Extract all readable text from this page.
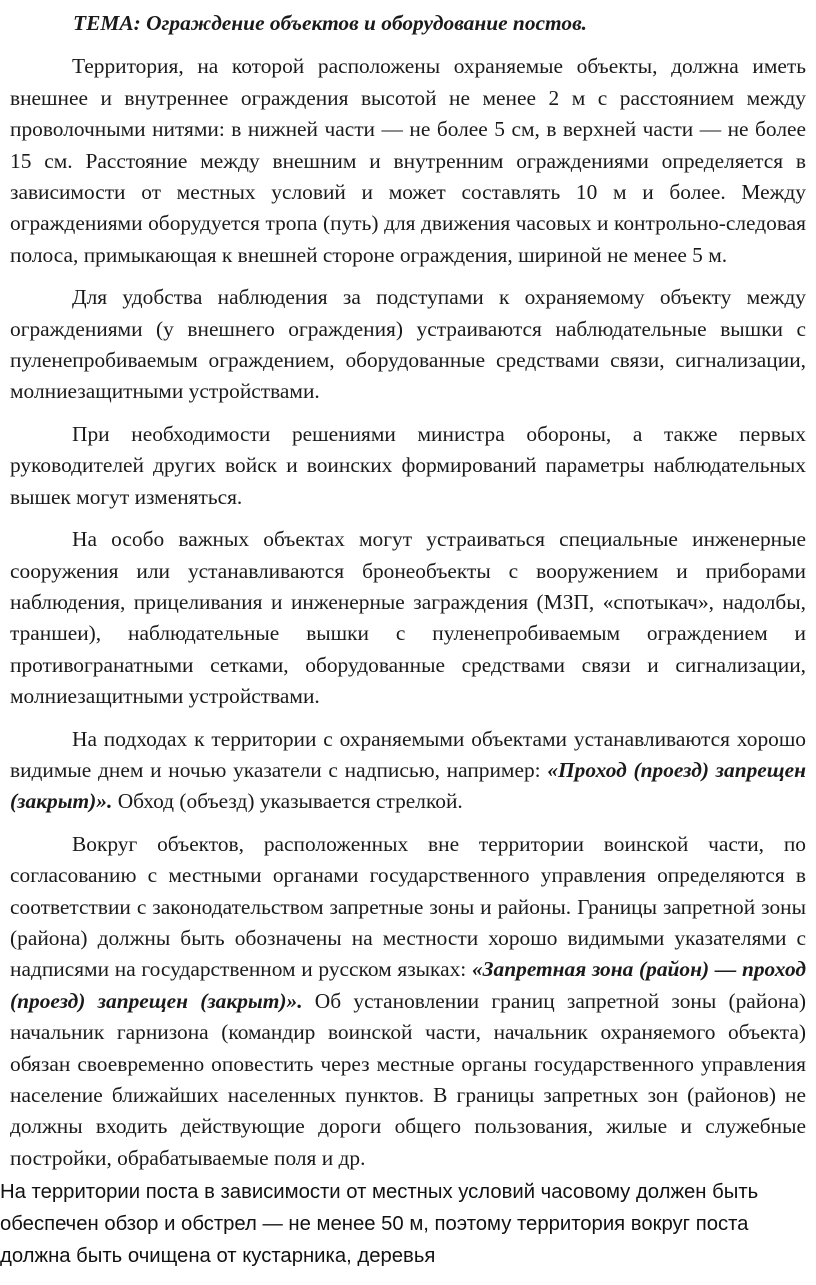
ТЕМА: Ограждение объектов и оборудование постов.

Территория, на которой расположены охраняемые объекты, должна иметь внешнее и внутреннее ограждения высотой не менее 2 м с расстоянием между проволочными нитями: в нижней части — не более 5 см, в верхней части — не более 15 см. Расстояние между внешним и внутренним ограждениями определяется в зависимости от местных условий и может составлять 10 м и более. Между ограждениями оборудуется тропа (путь) для движения часовых и контрольно-следовая полоса, примыкающая к внешней стороне ограждения, шириной не менее 5 м.

Для удобства наблюдения за подступами к охраняемому объекту между ограждениями (у внешнего ограждения) устраиваются наблюдательные вышки с пуленепробиваемым ограждением, оборудованные средствами связи, сигнализации, молниезащитными устройствами.

При необходимости решениями министра обороны, а также первых руководителей других войск и воинских формирований параметры наблюдательных вышек могут изменяться.

На особо важных объектах могут устраиваться специальные инженерные сооружения или устанавливаются бронеобъекты с вооружением и приборами наблюдения, прицеливания и инженерные заграждения (МЗП, «спотыкач», надолбы, траншеи), наблюдательные вышки с пуленепробиваемым ограждением и противогранатными сетками, оборудованные средствами связи и сигнализации, молниезащитными устройствами.

На подходах к территории с охраняемыми объектами устанавливаются хорошо видимые днем и ночью указатели с надписью, например: «Проход (проезд) запрещен (закрыт)». Обход (объезд) указывается стрелкой.

Вокруг объектов, расположенных вне территории воинской части, по согласованию с местными органами государственного управления определяются в соответствии с законодательством запретные зоны и районы. Границы запретной зоны (района) должны быть обозначены на местности хорошо видимыми указателями с надписями на государственном и русском языках: «Запретная зона (район) — проход (проезд) запрещен (закрыт)». Об установлении границ запретной зоны (района) начальник гарнизона (командир воинской части, начальник охраняемого объекта) обязан своевременно оповестить через местные органы государственного управления население ближайших населенных пунктов. В границы запретных зон (районов) не должны входить действующие дороги общего пользования, жилые и служебные постройки, обрабатываемые поля и др.

На территории поста в зависимости от местных условий часовому должен быть обеспечен обзор и обстрел — не менее 50 м, поэтому территория вокруг поста должна быть очищена от кустарника, деревья
